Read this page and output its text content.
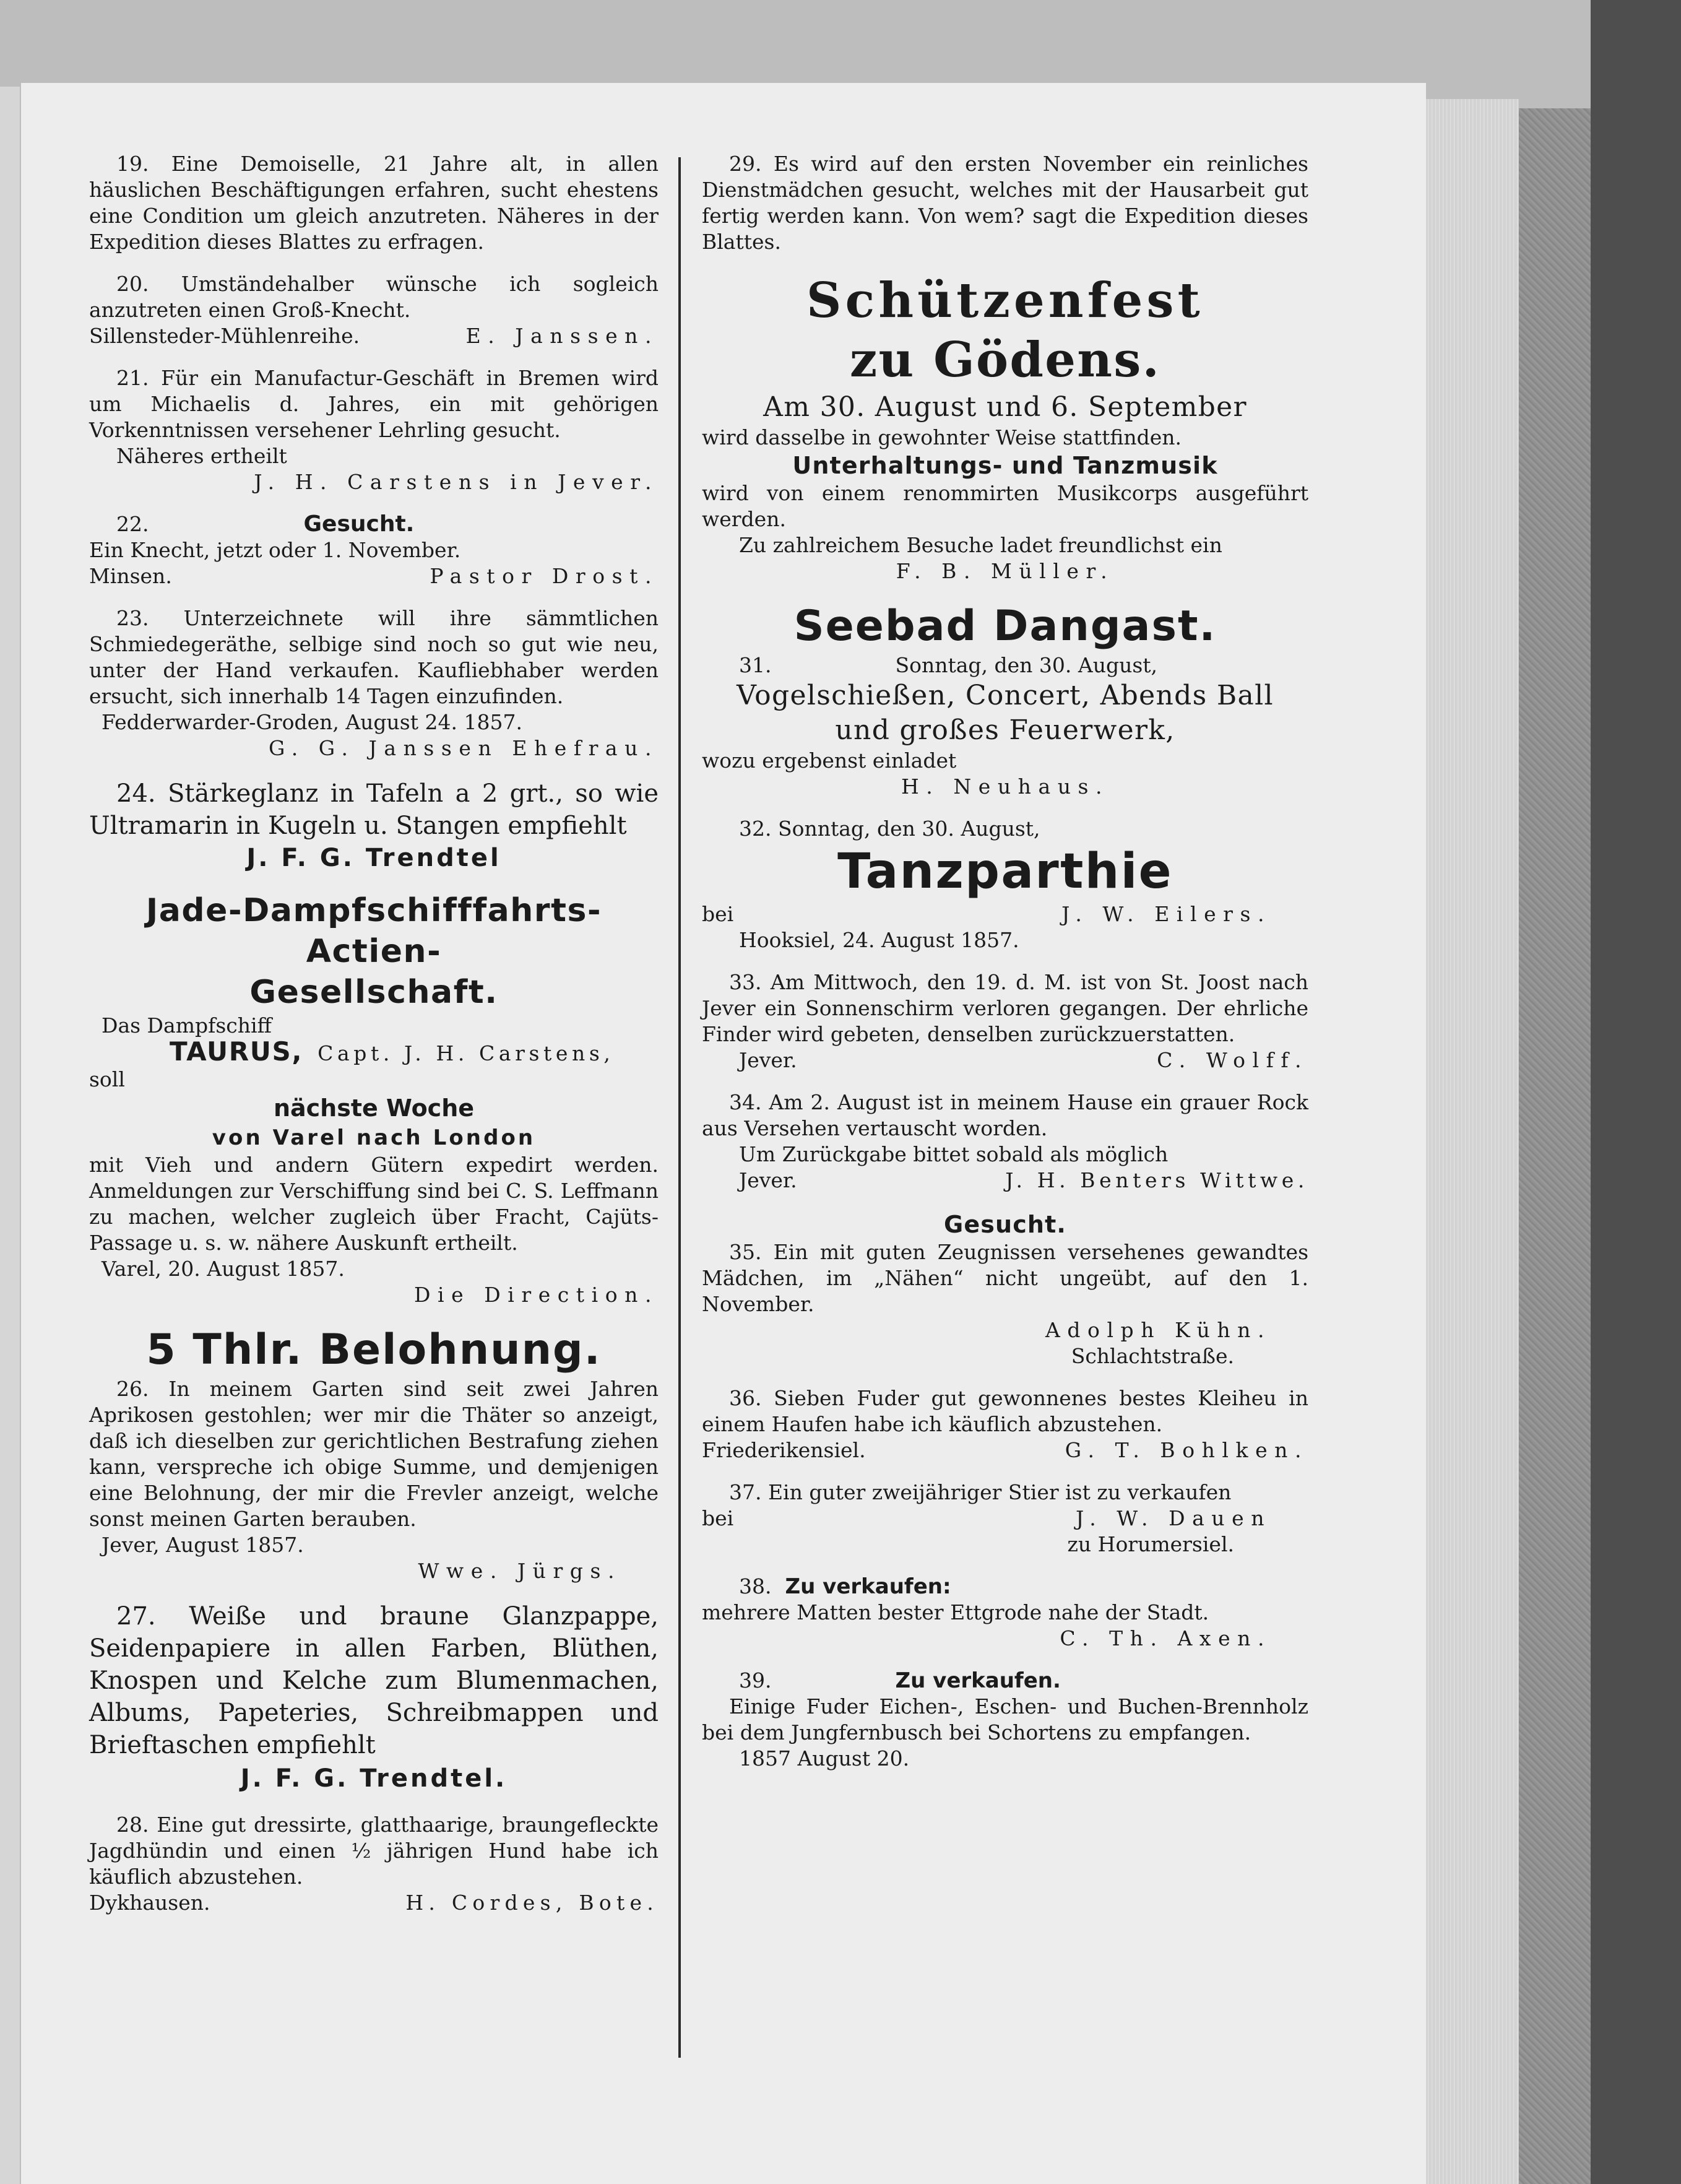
19. Eine Demoiselle, 21 Jahre alt, in allen häuslichen Beschäftigungen erfahren, sucht ehestens eine Condition um gleich anzutreten. Näheres in der Expedition dieses Blattes zu erfragen.

20. Umständehalber wünsche ich sogleich anzutreten einen Groß-Knecht.

Sillensteder-Mühlenreihe.	E. Janssen.

21. Für ein Manufactur-Geschäft in Bremen wird um Michaelis d. Jahres, ein mit gehörigen Vorkenntnissen versehener Lehrling gesucht.

Näheres ertheilt

J. H. Carstens in Jever.

22.	Gesucht.

Ein Knecht, jetzt oder 1. November.

Minsen.	Pastor Drost.

23. Unterzeichnete will ihre sämmtlichen Schmiedegeräthe, selbige sind noch so gut wie neu, unter der Hand verkaufen. Kaufliebhaber werden ersucht, sich innerhalb 14 Tagen einzufinden.

Fedderwarder-Groden, August 24. 1857.

G. G. Janssen Ehefrau.

24. Stärkeglanz in Tafeln a 2 grt., so wie Ultramarin in Kugeln u. Stangen empfiehlt

J. F. G. Trendtel

Jade-Dampfschifffahrts-Actien-

Gesellschaft.

Das Dampfschiff

TAURUS, Capt. J. H. Carstens,

soll

nächste Woche

von Varel nach London

mit Vieh und andern Gütern expedirt werden. Anmeldungen zur Verschiffung sind bei C. S. Leffmann zu machen, welcher zugleich über Fracht, Cajüts-Passage u. s. w. nähere Auskunft ertheilt.

Varel, 20. August 1857.

Die Direction.

5 Thlr. Belohnung.

26. In meinem Garten sind seit zwei Jahren Aprikosen gestohlen; wer mir die Thäter so anzeigt, daß ich dieselben zur gerichtlichen Bestrafung ziehen kann, verspreche ich obige Summe, und demjenigen eine Belohnung, der mir die Frevler anzeigt, welche sonst meinen Garten berauben.

Jever, August 1857.

Wwe. Jürgs.

27. Weiße und braune Glanzpappe, Seidenpapiere in allen Farben, Blüthen, Knospen und Kelche zum Blumenmachen, Albums, Papeteries, Schreibmappen und Brieftaschen empfiehlt

J. F. G. Trendtel.

28. Eine gut dressirte, glatthaarige, braungefleckte Jagdhündin und einen ½ jährigen Hund habe ich käuflich abzustehen.

Dykhausen.	H. Cordes, Bote.

29. Es wird auf den ersten November ein reinliches Dienstmädchen gesucht, welches mit der Hausarbeit gut fertig werden kann. Von wem? sagt die Expedition dieses Blattes.

Schützenfest

zu Gödens.

Am 30. August und 6. September

wird dasselbe in gewohnter Weise stattfinden.

Unterhaltungs- und Tanzmusik

wird von einem renommirten Musikcorps ausgeführt werden.

Zu zahlreichem Besuche ladet freundlichst ein

F. B. Müller.

Seebad Dangast.

31.	Sonntag, den 30. August,

Vogelschießen, Concert, Abends Ball

und großes Feuerwerk,

wozu ergebenst einladet

H. Neuhaus.

32. Sonntag, den 30. August,

Tanzparthie

bei	J. W. Eilers.

Hooksiel, 24. August 1857.

33. Am Mittwoch, den 19. d. M. ist von St. Joost nach Jever ein Sonnenschirm verloren gegangen. Der ehrliche Finder wird gebeten, denselben zurückzuerstatten.

Jever.	C. Wolff.

34. Am 2. August ist in meinem Hause ein grauer Rock aus Versehen vertauscht worden.

Um Zurückgabe bittet sobald als möglich

Jever.	J. H. Benters Wittwe.

Gesucht.

35. Ein mit guten Zeugnissen versehenes gewandtes Mädchen, im „Nähen“ nicht ungeübt, auf den 1. November.

Adolph Kühn.

Schlachtstraße.

36. Sieben Fuder gut gewonnenes bestes Kleiheu in einem Haufen habe ich käuflich abzustehen.

Friederikensiel.	G. T. Bohlken.

37. Ein guter zweijähriger Stier ist zu verkaufen

bei	J. W. Dauen

zu Horumersiel.

38. Zu verkaufen:

mehrere Matten bester Ettgrode nahe der Stadt.

C. Th. Axen.

39.	Zu verkaufen.

Einige Fuder Eichen-, Eschen- und Buchen-Brennholz bei dem Jungfernbusch bei Schortens zu empfangen.

1857 August 20.
